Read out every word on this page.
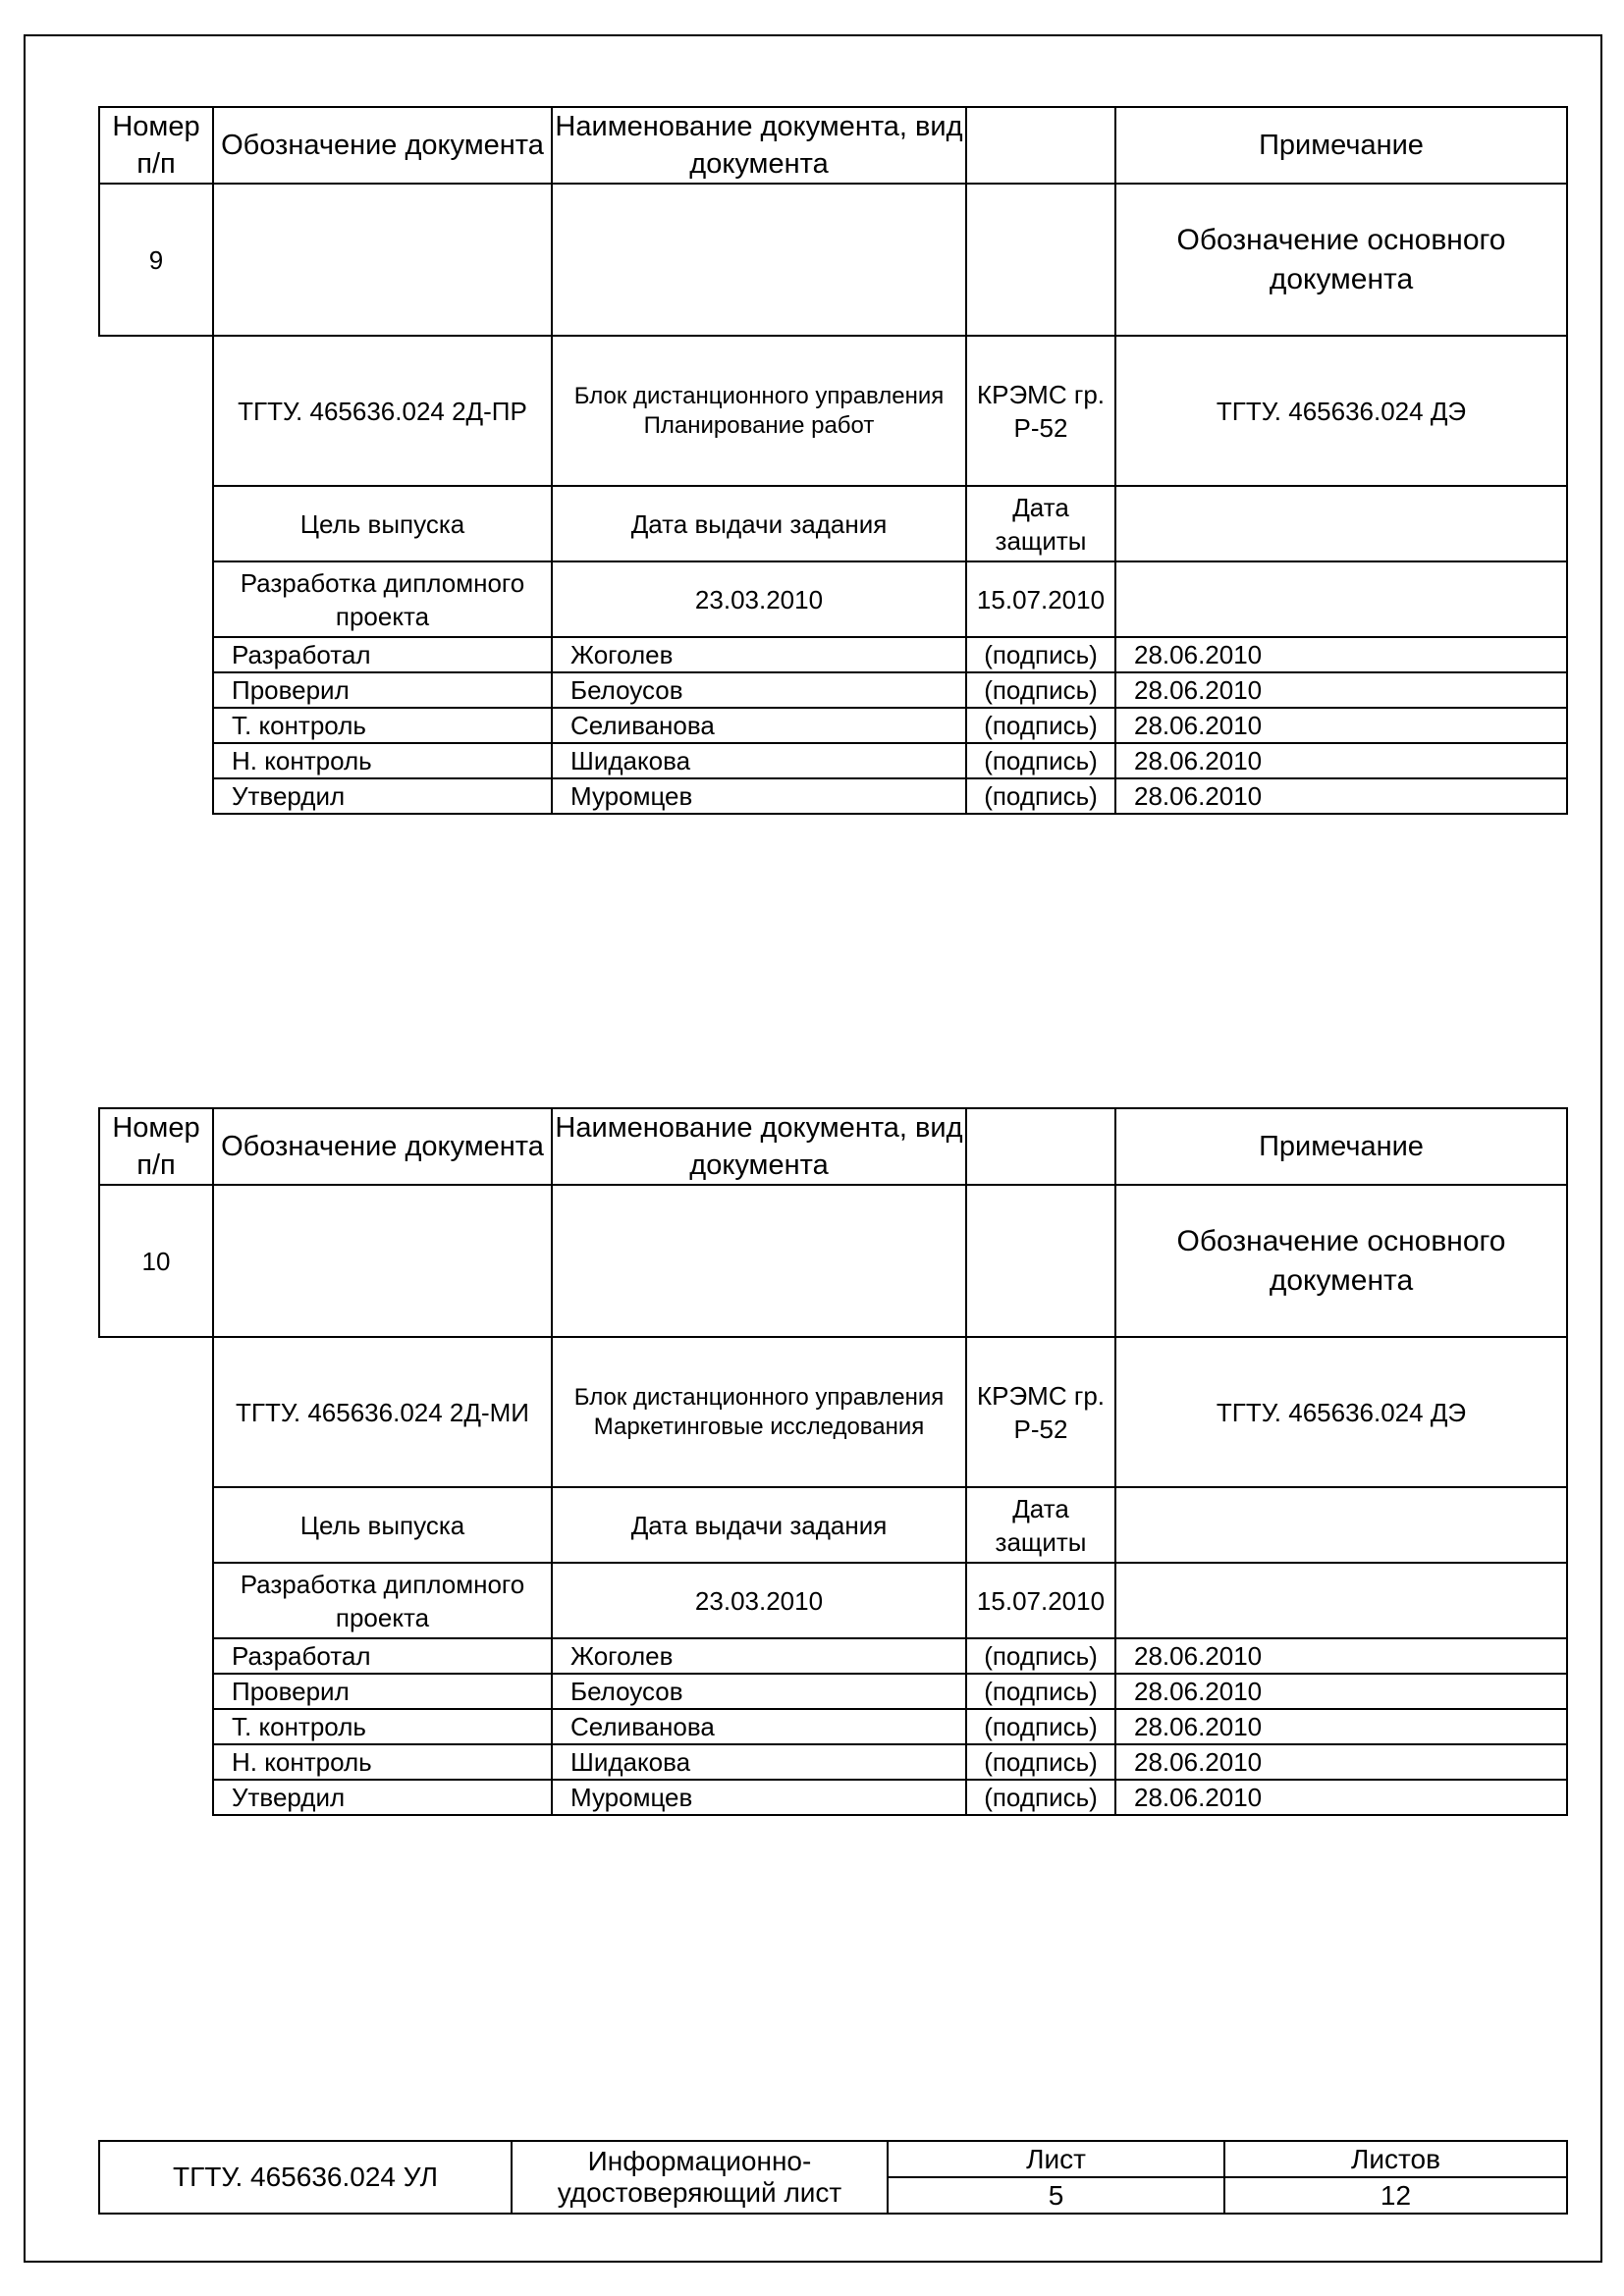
Номер п/п	Обозначение документа	Наименование документа, вид документа		Примечание
9				Обозначение основного документа
	ТГТУ. 465636.024 2Д-ПР	Блок дистанционного управления Планирование работ	КРЭМС гр. Р-52	ТГТУ. 465636.024 ДЭ
	Цель выпуска	Дата выдачи задания	Дата защиты	
	Разработка дипломного проекта	23.03.2010	15.07.2010	
	Разработал	Жоголев	(подпись)	28.06.2010
	Проверил	Белоусов	(подпись)	28.06.2010
	Т. контроль	Селиванова	(подпись)	28.06.2010
	Н. контроль	Шидакова	(подпись)	28.06.2010
	Утвердил	Муромцев	(подпись)	28.06.2010
Номер п/п	Обозначение документа	Наименование документа, вид документа		Примечание
10				Обозначение основного документа
	ТГТУ. 465636.024 2Д-МИ	Блок дистанционного управления Маркетинговые исследования	КРЭМС гр. Р-52	ТГТУ. 465636.024 ДЭ
	Цель выпуска	Дата выдачи задания	Дата защиты	
	Разработка дипломного проекта	23.03.2010	15.07.2010	
	Разработал	Жоголев	(подпись)	28.06.2010
	Проверил	Белоусов	(подпись)	28.06.2010
	Т. контроль	Селиванова	(подпись)	28.06.2010
	Н. контроль	Шидакова	(подпись)	28.06.2010
	Утвердил	Муромцев	(подпись)	28.06.2010
ТГТУ. 465636.024 УЛ	Информационно-удостоверяющий лист	Лист	Листов
		5	12
